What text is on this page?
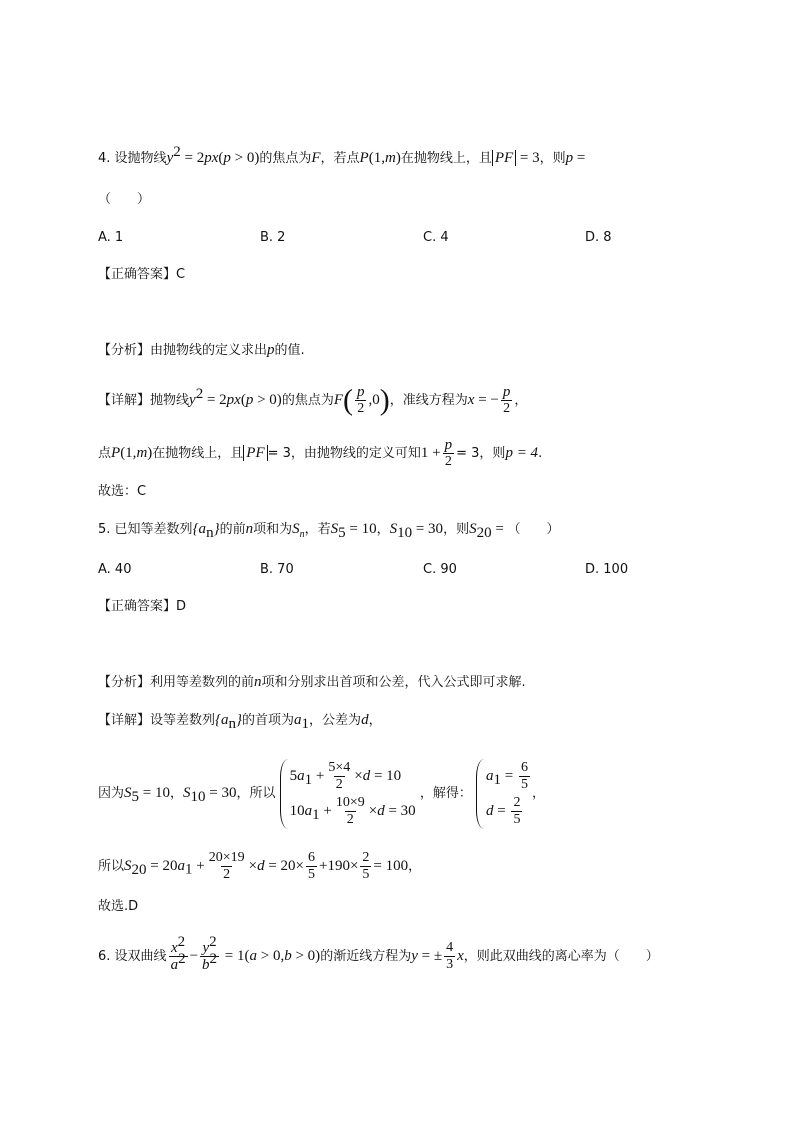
4. 设抛物线$y^2 = 2px(p > 0)$的焦点为F，若点P(1,m)在抛物线上，且 PF = 3，则p =
（　　）
A. 1	B. 2	C. 4	D. 8
【正确答案】C
【分析】由抛物线的定义求出p的值.
【详解】抛物线$y^2 = 2px(p > 0)$的焦点为$F( \frac{p}{2} ,0)$，准线方程为x = − $\frac{p}{2}$ ，
点P(1,m)在抛物线上，且 PF = 3，由抛物线的定义可知$1 + \frac{p}{2} = 3$，则p = 4.
故选：C
5. 已知等差数列$\{a_n\}$的前n项和为$S_n$，若$S_5 = 10$，$S_{10} = 30$，则$S_{20}$ = （　　）
A. 40	B. 70	C. 90	D. 100
【正确答案】D
【分析】利用等差数列的前n项和分别求出首项和公差，代入公式即可求解.
【详解】设等差数列$\{a_n\}$的首项为$a_1$，公差为d，
因为$S_5 = 10$，$S_{10} = 30$，所以
$5a_1 + \frac{5\times 4}{2} \times d = 10$
$10a_1 + \frac{10\times 9}{2} \times d = 30$
，解得：
$a_1 = \frac{6}{5}$
$d = \frac{2}{5}$
，
所以$S_{20} = 20a_1 + \frac{20\times 19}{2} \times d = 20\times \frac{6}{5} +190\times \frac{2}{5} = 100$，
故选.D
6. 设双曲线 $\frac{x^2}{a^2} - \frac{y^2}{b^2} = 1(a > 0,b > 0)$的渐近线方程为y = ± $\frac{4}{3}$ x，则此双曲线的离心率为（　　）
